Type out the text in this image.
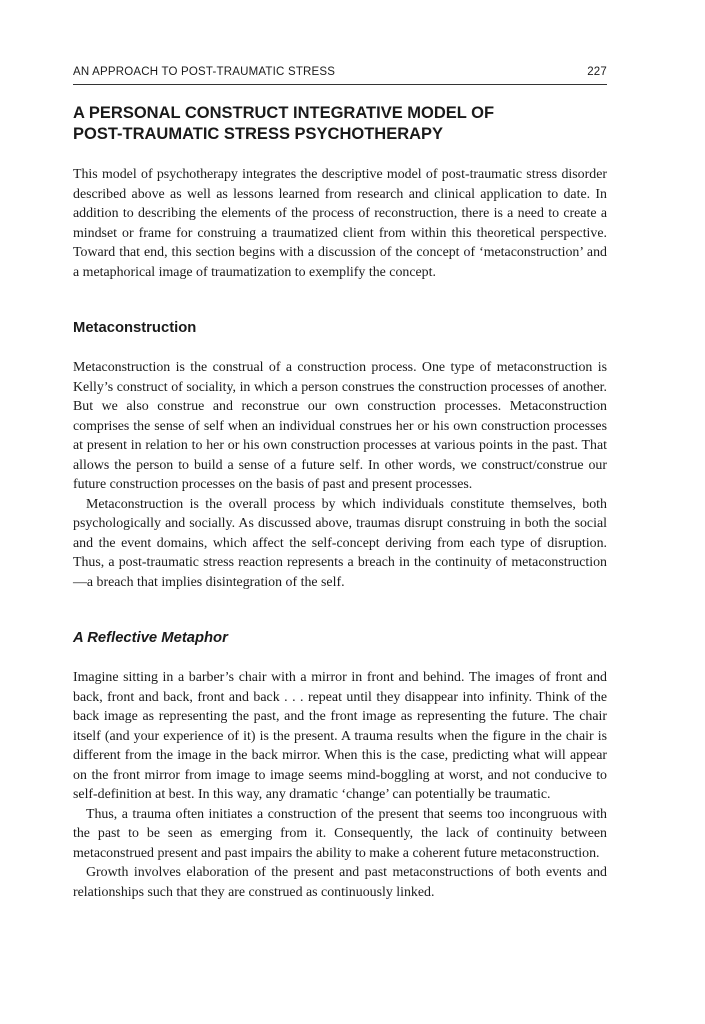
AN APPROACH TO POST-TRAUMATIC STRESS	227
A PERSONAL CONSTRUCT INTEGRATIVE MODEL OF
POST-TRAUMATIC STRESS PSYCHOTHERAPY

This model of psychotherapy integrates the descriptive model of post-traumatic stress disorder described above as well as lessons learned from research and clinical application to date. In addition to describing the elements of the process of reconstruction, there is a need to create a mindset or frame for construing a traumatized client from within this theoretical perspective. Toward that end, this section begins with a discussion of the concept of ‘metaconstruction’ and a metaphorical image of traumatization to exemplify the concept.

Metaconstruction

Metaconstruction is the construal of a construction process. One type of metaconstruction is Kelly’s construct of sociality, in which a person construes the construction processes of another. But we also construe and reconstrue our own construction processes. Metaconstruction comprises the sense of self when an individual construes her or his own construction processes at present in relation to her or his own construction processes at various points in the past. That allows the person to build a sense of a future self. In other words, we construct/construe our future construction processes on the basis of past and present processes.

Metaconstruction is the overall process by which individuals constitute themselves, both psychologically and socially. As discussed above, traumas disrupt construing in both the social and the event domains, which affect the self-concept deriving from each type of disruption. Thus, a post-traumatic stress reaction represents a breach in the continuity of metaconstruction—a breach that implies disintegration of the self.

A Reflective Metaphor

Imagine sitting in a barber’s chair with a mirror in front and behind. The images of front and back, front and back, front and back . . . repeat until they disappear into infinity. Think of the back image as representing the past, and the front image as representing the future. The chair itself (and your experience of it) is the present. A trauma results when the figure in the chair is different from the image in the back mirror. When this is the case, predicting what will appear on the front mirror from image to image seems mind-boggling at worst, and not conducive to self-definition at best. In this way, any dramatic ‘change’ can potentially be traumatic.

Thus, a trauma often initiates a construction of the present that seems too incongruous with the past to be seen as emerging from it. Consequently, the lack of continuity between metaconstrued present and past impairs the ability to make a coherent future metaconstruction.

Growth involves elaboration of the present and past metaconstructions of both events and relationships such that they are construed as continuously linked.
